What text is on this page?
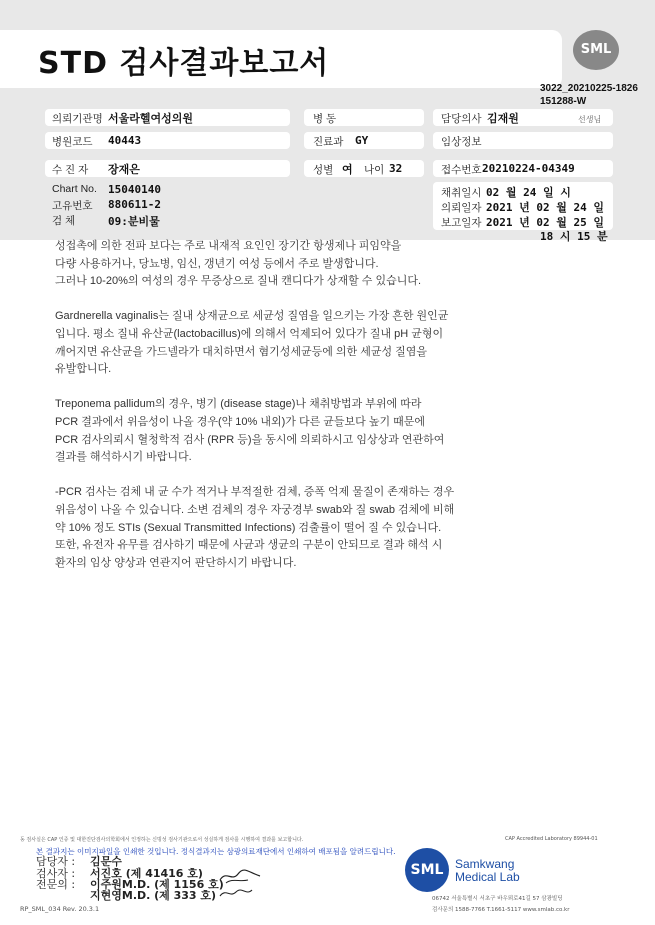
STD 검사결과보고서	SML
3022_20210225-1826
151288-W
의뢰기관명 서울라헬여성의원	병 동	담당의사 김재원	선생님
병원코드 40443	진료과 GY	임상정보
수 진 자 장재은	성별 여 나이 32	접수번호 20210224-04349
Chart No. 15040140
고유번호 880611-2
검 체	09:분비물
채취일시 02 월 24 일 시
의뢰일자 2021 년 02 월 24 일
보고일자 2021 년 02 월 25 일
18 시 15 분

성접촉에 의한 전파 보다는 주로 내재적 요인인 장기간 항생제나 피임약을
다량 사용하거나, 당뇨병, 임신, 갱년기 여성 등에서 주로 발생합니다.
그러나 10-20%의 여성의 경우 무증상으로 질내 캔디다가 상재할 수 있습니다.

Gardnerella vaginalis는 질내 상재균으로 세균성 질염을 일으키는 가장 흔한 원인균
입니다. 평소 질내 유산균(lactobacillus)에 의해서 억제되어 있다가 질내 pH 균형이
깨어지면 유산균을 가드넬라가 대치하면서 혐기성세균등에 의한 세균성 질염을
유발합니다.

Treponema pallidum의 경우, 병기 (disease stage)나 채취방법과 부위에 따라
PCR 결과에서 위음성이 나올 경우(약 10% 내외)가 다른 균들보다 높기 때문에
PCR 검사의뢰시 혈청학적 검사 (RPR 등)을 동시에 의뢰하시고 임상상과 연관하여
결과를 해석하시기 바랍니다.

-PCR 검사는 검체 내 균 수가 적거나 부적절한 검체, 증폭 억제 물질이 존재하는 경우
위음성이 나올 수 있습니다. 소변 검체의 경우 자궁경부 swab와 질 swab 검체에 비해
약 10% 정도 STIs (Sexual Transmitted Infections) 검출률이 떨어 질 수 있습니다.
또한, 유전자 유무를 검사하기 때문에 사균과 생균의 구분이 안되므로 결과 해석 시
환자의 임상 양상과 연관지어 판단하시기 바랍니다.

동 검사실은 CAP 인증 및 대한진단검사의학회에서 인정하는 신빙성 검사기관으로서 성실하게 검사를 시행하여 결과를 보고합니다.	CAP Accredited Laboratory 89944-01
본 결과지는 이미지파일을 인쇄한 것입니다. 정식결과지는 삼광의료재단에서 인쇄하여 배포됨을 알려드립니다.
담당자 : 김문수
검사자 : 서진호 (제 41416 호)
전문의 : 이주원M.D. (제 1156 호)
지현영M.D. (제 333 호)
RP_SML_034 Rev. 20.3.1
SML Samkwang
Medical Lab
06742 서울특별시 서초구 바우뫼로41길 57 삼광빌딩
검사문의 1588-7766 T.1661-5117 www.smlab.co.kr
